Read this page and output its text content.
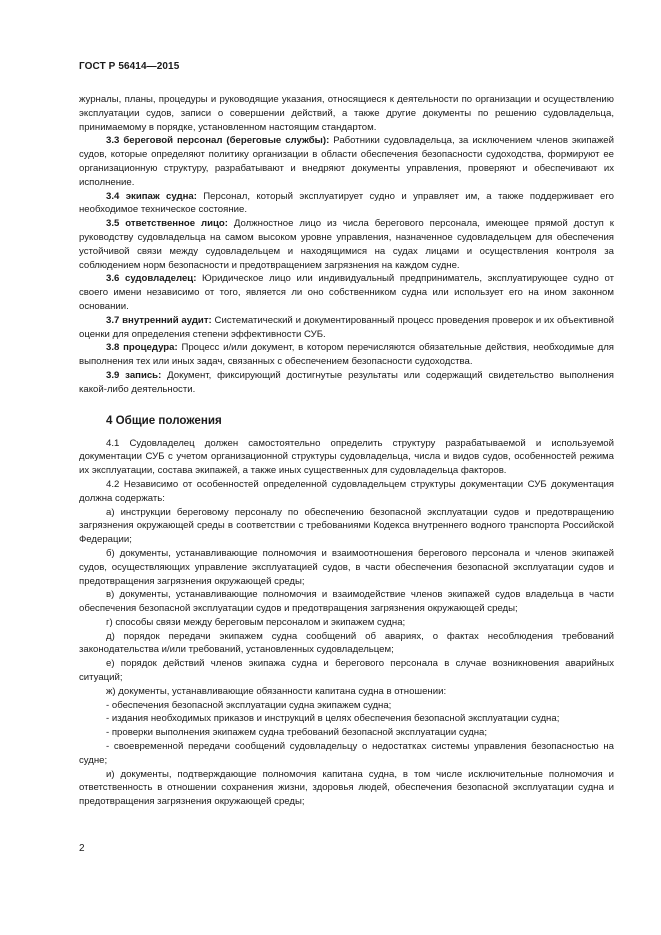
ГОСТ Р 56414—2015

журналы, планы, процедуры и руководящие указания, относящиеся к деятельности по организации и осуществлению эксплуатации судов, записи о совершении действий, а также другие документы по решению судовладельца, принимаемому в порядке, установленном настоящим стандартом.

3.3 береговой персонал (береговые службы): Работники судовладельца, за исключением членов экипажей судов, которые определяют политику организации в области обеспечения безопасности судоходства, формируют ее организационную структуру, разрабатывают и внедряют документы управления, проверяют и обеспечивают их исполнение.

3.4 экипаж судна: Персонал, который эксплуатирует судно и управляет им, а также поддерживает его необходимое техническое состояние.

3.5 ответственное лицо: Должностное лицо из числа берегового персонала, имеющее прямой доступ к руководству судовладельца на самом высоком уровне управления, назначенное судовладельцем для обеспечения устойчивой связи между судовладельцем и находящимися на судах лицами и осуществления контроля за соблюдением норм безопасности и предотвращением загрязнения на каждом судне.

3.6 судовладелец: Юридическое лицо или индивидуальный предприниматель, эксплуатирующее судно от своего имени независимо от того, является ли оно собственником судна или использует его на ином законном основании.

3.7 внутренний аудит: Систематический и документированный процесс проведения проверок и их объективной оценки для определения степени эффективности СУБ.

3.8 процедура: Процесс и/или документ, в котором перечисляются обязательные действия, необходимые для выполнения тех или иных задач, связанных с обеспечением безопасности судоходства.

3.9 запись: Документ, фиксирующий достигнутые результаты или содержащий свидетельство выполнения какой-либо деятельности.

4 Общие положения

4.1 Судовладелец должен самостоятельно определить структуру разрабатываемой и используемой документации СУБ с учетом организационной структуры судовладельца, числа и видов судов, особенностей режима их эксплуатации, состава экипажей, а также иных существенных для судовладельца факторов.

4.2 Независимо от особенностей определенной судовладельцем структуры документации СУБ документация должна содержать:

а) инструкции береговому персоналу по обеспечению безопасной эксплуатации судов и предотвращению загрязнения окружающей среды в соответствии с требованиями Кодекса внутреннего водного транспорта Российской Федерации;

б) документы, устанавливающие полномочия и взаимоотношения берегового персонала и членов экипажей судов, осуществляющих управление эксплуатацией судов, в части обеспечения безопасной эксплуатации судов и предотвращения загрязнения окружающей среды;

в) документы, устанавливающие полномочия и взаимодействие членов экипажей судов владельца в части обеспечения безопасной эксплуатации судов и предотвращения загрязнения окружающей среды;

г) способы связи между береговым персоналом и экипажем судна;

д) порядок передачи экипажем судна сообщений об авариях, о фактах несоблюдения требований законодательства и/или требований, установленных судовладельцем;

е) порядок действий членов экипажа судна и берегового персонала в случае возникновения аварийных ситуаций;

ж) документы, устанавливающие обязанности капитана судна в отношении:

- обеспечения безопасной эксплуатации судна экипажем судна;

- издания необходимых приказов и инструкций в целях обеспечения безопасной эксплуатации судна;

- проверки выполнения экипажем судна требований безопасной эксплуатации судна;

- своевременной передачи сообщений судовладельцу о недостатках системы управления безопасностью на судне;

и) документы, подтверждающие полномочия капитана судна, в том числе исключительные полномочия и ответственность в отношении сохранения жизни, здоровья людей, обеспечения безопасной эксплуатации судна и предотвращения загрязнения окружающей среды;

2
